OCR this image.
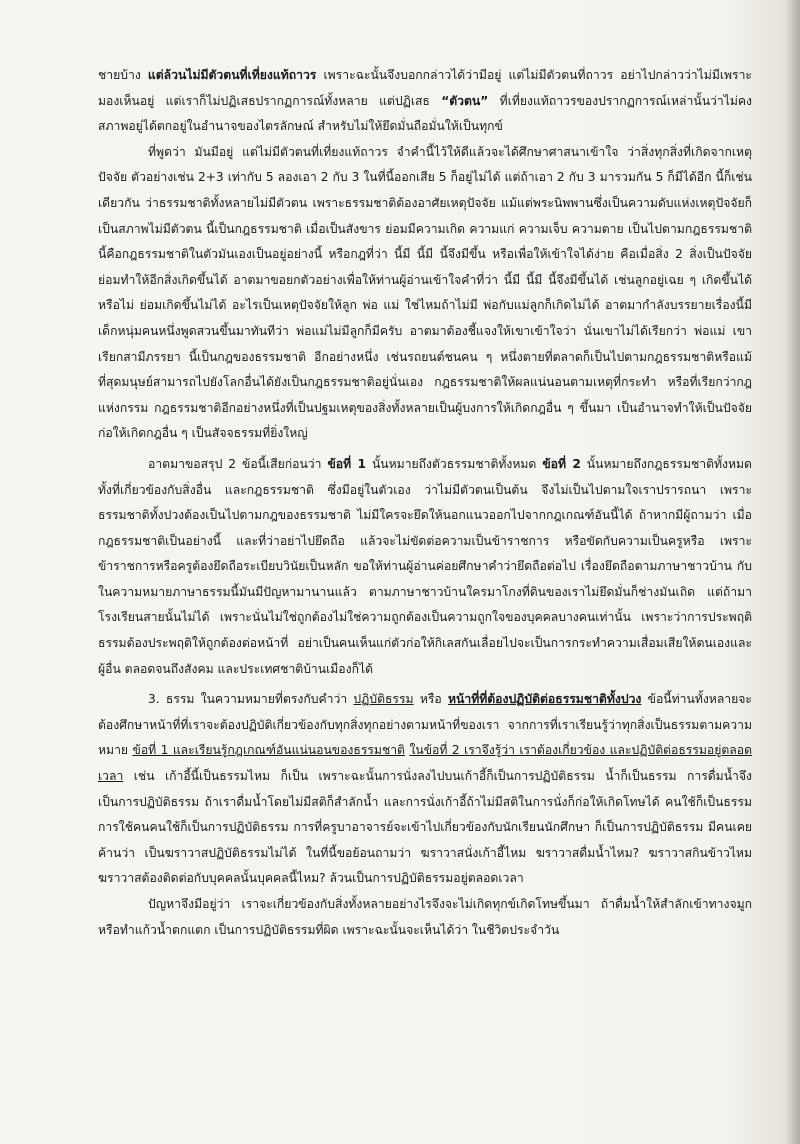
ชายบ้าง แต่ล้วนไม่มีตัวตนที่เที่ยงแท้ถาวร เพราะฉะนั้นจึงบอกกล่าวได้ว่ามีอยู่ แต่ไม่มีตัวตนที่ถาวร อย่าไปกล่าวว่าไม่มีเพราะมองเห็นอยู่ แต่เราก็ไม่ปฏิเสธปรากฏการณ์ทั้งหลาย แต่ปฏิเสธ “ตัวตน” ที่เที่ยงแท้ถาวรของปรากฏการณ์เหล่านั้นว่าไม่คงสภาพอยู่ได้ตกอยู่ในอำนาจของไตรลักษณ์ สำหรับไม่ให้ยึดมั่นถือมั่นให้เป็นทุกข์

ที่พูดว่า มันมีอยู่ แต่ไม่มีตัวตนที่เที่ยงแท้ถาวร จำคำนี้ไว้ให้ดีแล้วจะได้ศึกษาศาสนาเข้าใจ ว่าสิ่งทุกสิ่งที่เกิดจากเหตุปัจจัย ตัวอย่างเช่น 2+3 เท่ากับ 5 ลองเอา 2 กับ 3 ในที่นี้ออกเสีย 5 ก็อยู่ไม่ได้ แต่ถ้าเอา 2 กับ 3 มารวมกัน 5 ก็มีได้อีก นี้ก็เช่นเดียวกัน ว่าธรรมชาติทั้งหลายไม่มีตัวตน เพราะธรรมชาติต้องอาศัยเหตุปัจจัย แม้แต่พระนิพพานซึ่งเป็นความดับแห่งเหตุปัจจัยก็เป็นสภาพไม่มีตัวตน นี้เป็นกฎธรรมชาติ เมื่อเป็นสังขาร ย่อมมีความเกิด ความแก่ ความเจ็บ ความตาย เป็นไปตามกฎธรรมชาติ นี้คือกฎธรรมชาติในตัวมันเองเป็นอยู่อย่างนี้ หรือกฎที่ว่า นี้มี นี้มี นี้จึงมีขึ้น หรือเพื่อให้เข้าใจได้ง่าย คือเมื่อสิ่ง 2 สิ่งเป็นปัจจัย ย่อมทำให้อีกสิ่งเกิดขึ้นได้ อาตมาขอยกตัวอย่างเพื่อให้ท่านผู้อ่านเข้าใจคำที่ว่า นี้มี นี้มี นี้จึงมีขึ้นได้ เช่นลูกอยู่เฉย ๆ เกิดขึ้นได้หรือไม่ ย่อมเกิดขึ้นไม่ได้ อะไรเป็นเหตุปัจจัยให้ลูก พ่อ แม่ ใช่ไหมถ้าไม่มี พ่อกับแม่ลูกก็เกิดไม่ได้ อาตมากำลังบรรยายเรื่องนี้มีเด็กหนุ่มคนหนึ่งพูดสวนขึ้นมาทันทีว่า พ่อแม่ไม่มีลูกก็มีครับ อาตมาต้องชี้แจงให้เขาเข้าใจว่า นั่นเขาไม่ได้เรียกว่า พ่อแม่ เขาเรียกสามีภรรยา นี้เป็นกฎของธรรมชาติ อีกอย่างหนึ่ง เช่นรถยนต์ชนคน ๆ หนึ่งตายที่ตลาดก็เป็นไปตามกฎธรรมชาติหรือแม้ที่สุดมนุษย์สามารถไปยังโลกอื่นได้ยังเป็นกฎธรรมชาติอยู่นั่นเอง กฎธรรมชาติให้ผลแน่นอนตามเหตุที่กระทำ หรือที่เรียกว่ากฎแห่งกรรม กฎธรรมชาติอีกอย่างหนึ่งที่เป็นปฐมเหตุของสิ่งทั้งหลายเป็นผู้บงการให้เกิดกฎอื่น ๆ ขึ้นมา เป็นอำนาจทำให้เป็นปัจจัยก่อให้เกิดกฎอื่น ๆ เป็นสัจจธรรมที่ยิ่งใหญ่

อาตมาขอสรุป 2 ข้อนี้เสียก่อนว่า ข้อที่ 1 นั้นหมายถึงตัวธรรมชาติทั้งหมด ข้อที่ 2 นั้นหมายถึงกฎธรรมชาติทั้งหมด ทั้งที่เกี่ยวข้องกับสิ่งอื่น และกฎธรรมชาติ ซึ่งมีอยู่ในตัวเอง ว่าไม่มีตัวตนเป็นต้น จึงไม่เป็นไปตามใจเราปรารถนา เพราะธรรมชาติทั้งปวงต้องเป็นไปตามกฎของธรรมชาติ ไม่มีใครจะยึดให้นอกแนวออกไปจากกฎเกณฑ์อันนี้ได้ ถ้าหากมีผู้ถามว่า เมื่อกฎธรรมชาติเป็นอย่างนี้ และที่ว่าอย่าไปยึดถือ แล้วจะไม่ขัดต่อความเป็นข้าราชการ หรือขัดกับความเป็นครูหรือ เพราะข้าราชการหรือครูต้องยึดถือระเบียบวินัยเป็นหลัก ขอให้ท่านผู้อ่านค่อยศึกษาคำว่ายึดถือต่อไป เรื่องยึดถือตามภาษาชาวบ้าน กับในความหมายภาษาธรรมนี้มันมีปัญหามานานแล้ว ตามภาษาชาวบ้านใครมาโกงที่ดินของเราไม่ยึดมั่นก็ช่างมันเถิด แต่ถ้ามาโรงเรียนสายนั้นไม่ได้ เพราะนั่นไม่ใช่ถูกต้องไม่ใช่ความถูกต้องเป็นความถูกใจของบุคคลบางคนเท่านั้น เพราะว่าการประพฤติธรรมต้องประพฤติให้ถูกต้องต่อหน้าที่ อย่าเป็นคนเห็นแก่ตัวก่อให้กิเลสกันเลื่อยไปจะเป็นการกระทำความเสื่อมเสียให้ตนเองและผู้อื่น ตลอดจนถึงสังคม และประเทศชาติบ้านเมืองก็ได้

3. ธรรม ในความหมายที่ตรงกับคำว่า ปฏิบัติธรรม หรือ หน้าที่ที่ต้องปฏิบัติต่อธรรมชาติทั้งปวง ข้อนี้ท่านทั้งหลายจะต้องศึกษาหน้าที่ที่เราจะต้องปฏิบัติเกี่ยวข้องกับทุกสิ่งทุกอย่างตามหน้าที่ของเรา จากการที่เราเรียนรู้ว่าทุกสิ่งเป็นธรรมตามความหมาย ข้อที่ 1 และเรียนรู้กฎเกณฑ์อันแน่นอนของธรรมชาติ ในข้อที่ 2 เราจึงรู้ว่า เราต้องเกี่ยวข้อง และปฏิบัติต่อธรรมอยู่ตลอดเวลา เช่น เก้าอี้นี้เป็นธรรมไหม ก็เป็น เพราะฉะนั้นการนั่งลงไปบนเก้าอี้ก็เป็นการปฏิบัติธรรม น้ำก็เป็นธรรม การดื่มน้ำจึงเป็นการปฏิบัติธรรม ถ้าเราดื่มน้ำโดยไม่มีสติก็สำลักน้ำ และการนั่งเก้าอี้ถ้าไม่มีสติในการนั่งก็ก่อให้เกิดโทษได้ คนใช้ก็เป็นธรรม การใช้คนคนใช้ก็เป็นการปฏิบัติธรรม การที่ครูบาอาจารย์จะเข้าไปเกี่ยวข้องกับนักเรียนนักศึกษา ก็เป็นการปฏิบัติธรรม มีคนเคยค้านว่า เป็นฆราวาสปฏิบัติธรรมไม่ได้ ในที่นี้ขอย้อนถามว่า ฆราวาสนั่งเก้าอี้ไหม ฆราวาสดื่มน้ำไหม? ฆราวาสกินข้าวไหม ฆราวาสต้องติดต่อกับบุคคลนั้นบุคคลนี้ไหม? ล้วนเป็นการปฏิบัติธรรมอยู่ตลอดเวลา

ปัญหาจึงมีอยู่ว่า เราจะเกี่ยวข้องกับสิ่งทั้งหลายอย่างไรจึงจะไม่เกิดทุกข์เกิดโทษขึ้นมา ถ้าดื่มน้ำให้สำลักเข้าทางจมูก หรือทำแก้วน้ำตกแตก เป็นการปฏิบัติธรรมที่ผิด เพราะฉะนั้นจะเห็นได้ว่า ในชีวิตประจำวัน
